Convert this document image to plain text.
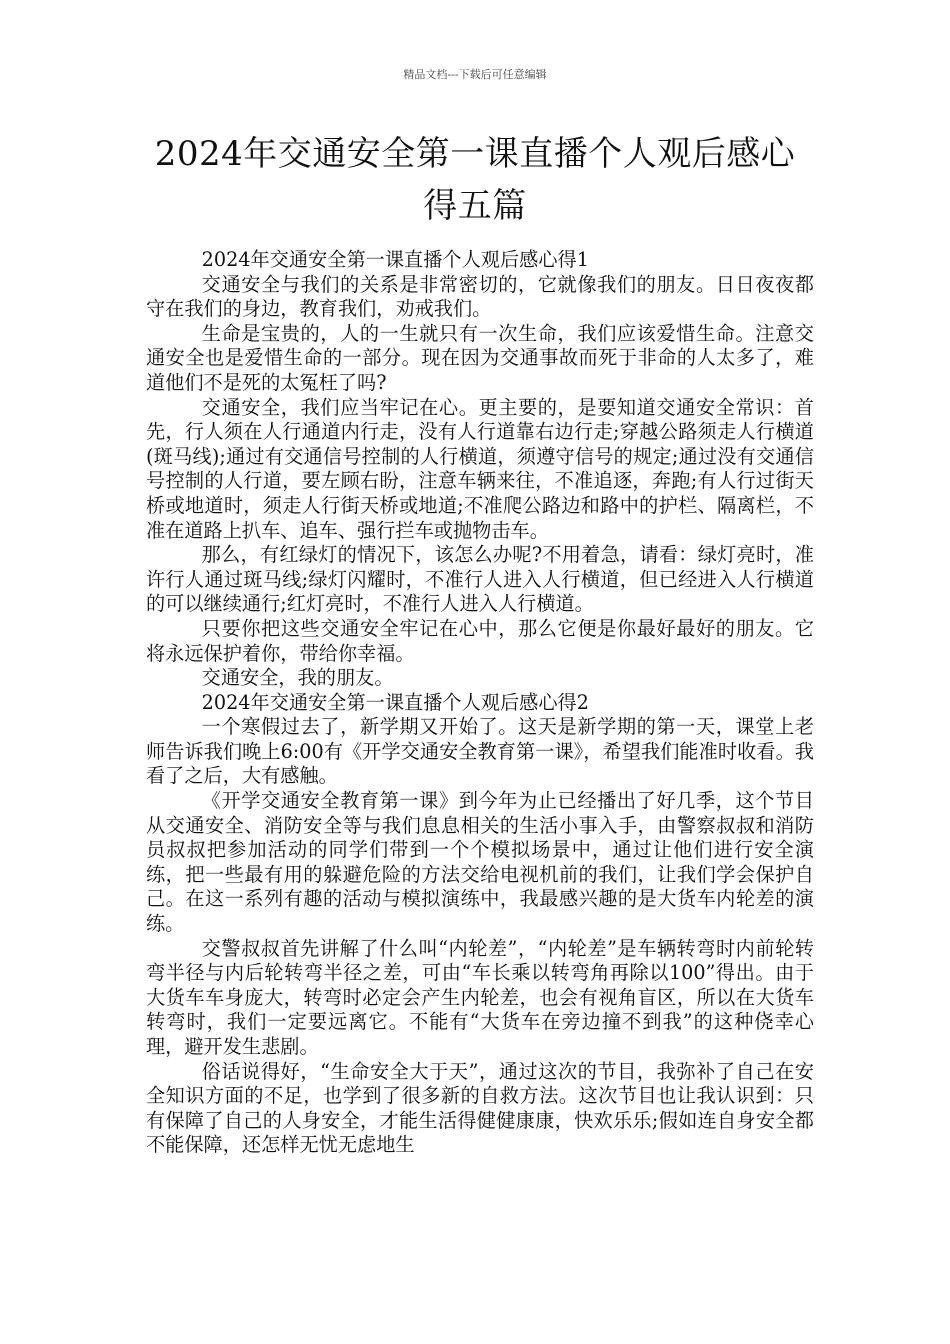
精品文档---下载后可任意编辑
2024年交通安全第一课直播个人观后感心
得五篇

2024年交通安全第一课直播个人观后感心得1

交通安全与我们的关系是非常密切的，它就像我们的朋友。日日夜夜都守在我们的身边，教育我们，劝戒我们。

生命是宝贵的，人的一生就只有一次生命，我们应该爱惜生命。注意交通安全也是爱惜生命的一部分。现在因为交通事故而死于非命的人太多了，难道他们不是死的太冤枉了吗?

交通安全，我们应当牢记在心。更主要的，是要知道交通安全常识：首先，行人须在人行通道内行走，没有人行道靠右边行走;穿越公路须走人行横道(斑马线);通过有交通信号控制的人行横道，须遵守信号的规定;通过没有交通信号控制的人行道，要左顾右盼，注意车辆来往，不准追逐，奔跑;有人行过街天桥或地道时，须走人行街天桥或地道;不准爬公路边和路中的护栏、隔离栏，不准在道路上扒车、追车、强行拦车或抛物击车。

那么，有红绿灯的情况下，该怎么办呢?不用着急，请看：绿灯亮时，准许行人通过斑马线;绿灯闪耀时，不准行人进入人行横道，但已经进入人行横道的可以继续通行;红灯亮时，不准行人进入人行横道。

只要你把这些交通安全牢记在心中，那么它便是你最好最好的朋友。它将永远保护着你，带给你幸福。

交通安全，我的朋友。

2024年交通安全第一课直播个人观后感心得2

一个寒假过去了，新学期又开始了。这天是新学期的第一天，课堂上老师告诉我们晚上6:00有《开学交通安全教育第一课》，希望我们能准时收看。我看了之后，大有感触。

《开学交通安全教育第一课》到今年为止已经播出了好几季，这个节目从交通安全、消防安全等与我们息息相关的生活小事入手，由警察叔叔和消防员叔叔把参加活动的同学们带到一个个模拟场景中，通过让他们进行安全演练，把一些最有用的躲避危险的方法交给电视机前的我们，让我们学会保护自己。在这一系列有趣的活动与模拟演练中，我最感兴趣的是大货车内轮差的演练。

交警叔叔首先讲解了什么叫“内轮差”，“内轮差”是车辆转弯时内前轮转弯半径与内后轮转弯半径之差，可由“车长乘以转弯角再除以100”得出。由于大货车车身庞大，转弯时必定会产生内轮差，也会有视角盲区，所以在大货车转弯时，我们一定要远离它。不能有“大货车在旁边撞不到我”的这种侥幸心理，避开发生悲剧。

俗话说得好，“生命安全大于天”，通过这次的节目，我弥补了自己在安全知识方面的不足，也学到了很多新的自救方法。这次节目也让我认识到：只有保障了自己的人身安全，才能生活得健健康康，快欢乐乐;假如连自身安全都不能保障，还怎样无忧无虑地生
